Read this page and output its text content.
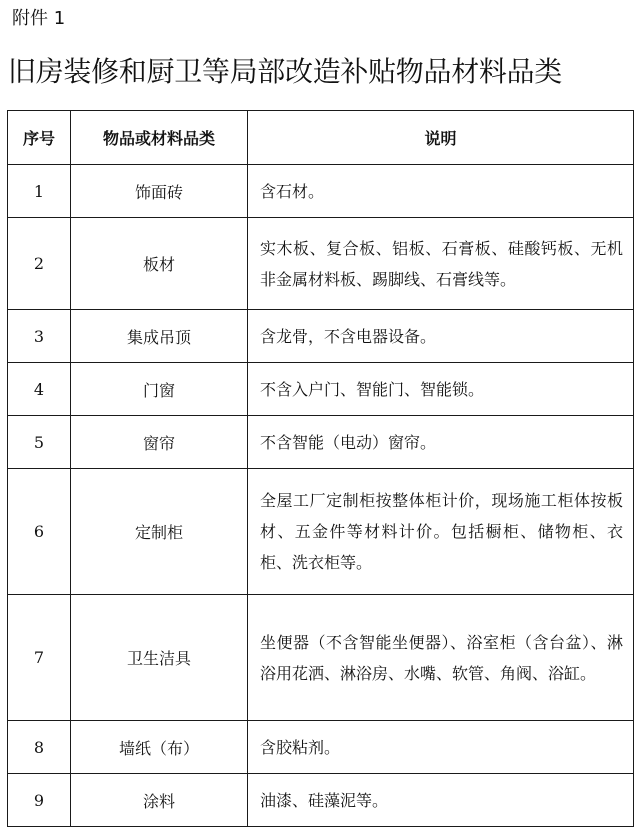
附件 1
旧房装修和厨卫等局部改造补贴物品材料品类
序号	物品或材料品类	说明
1	饰面砖	含石材。
2	板材	实木板、复合板、铝板、石膏板、硅酸钙板、无机非金属材料板、踢脚线、石膏线等。
3	集成吊顶	含龙骨，不含电器设备。
4	门窗	不含入户门、智能门、智能锁。
5	窗帘	不含智能（电动）窗帘。
6	定制柜	全屋工厂定制柜按整体柜计价，现场施工柜体按板材、五金件等材料计价。包括橱柜、储物柜、衣柜、洗衣柜等。
7	卫生洁具	坐便器（不含智能坐便器）、浴室柜（含台盆）、淋浴用花洒、淋浴房、水嘴、软管、角阀、浴缸。
8	墙纸（布）	含胶粘剂。
9	涂料	油漆、硅藻泥等。
